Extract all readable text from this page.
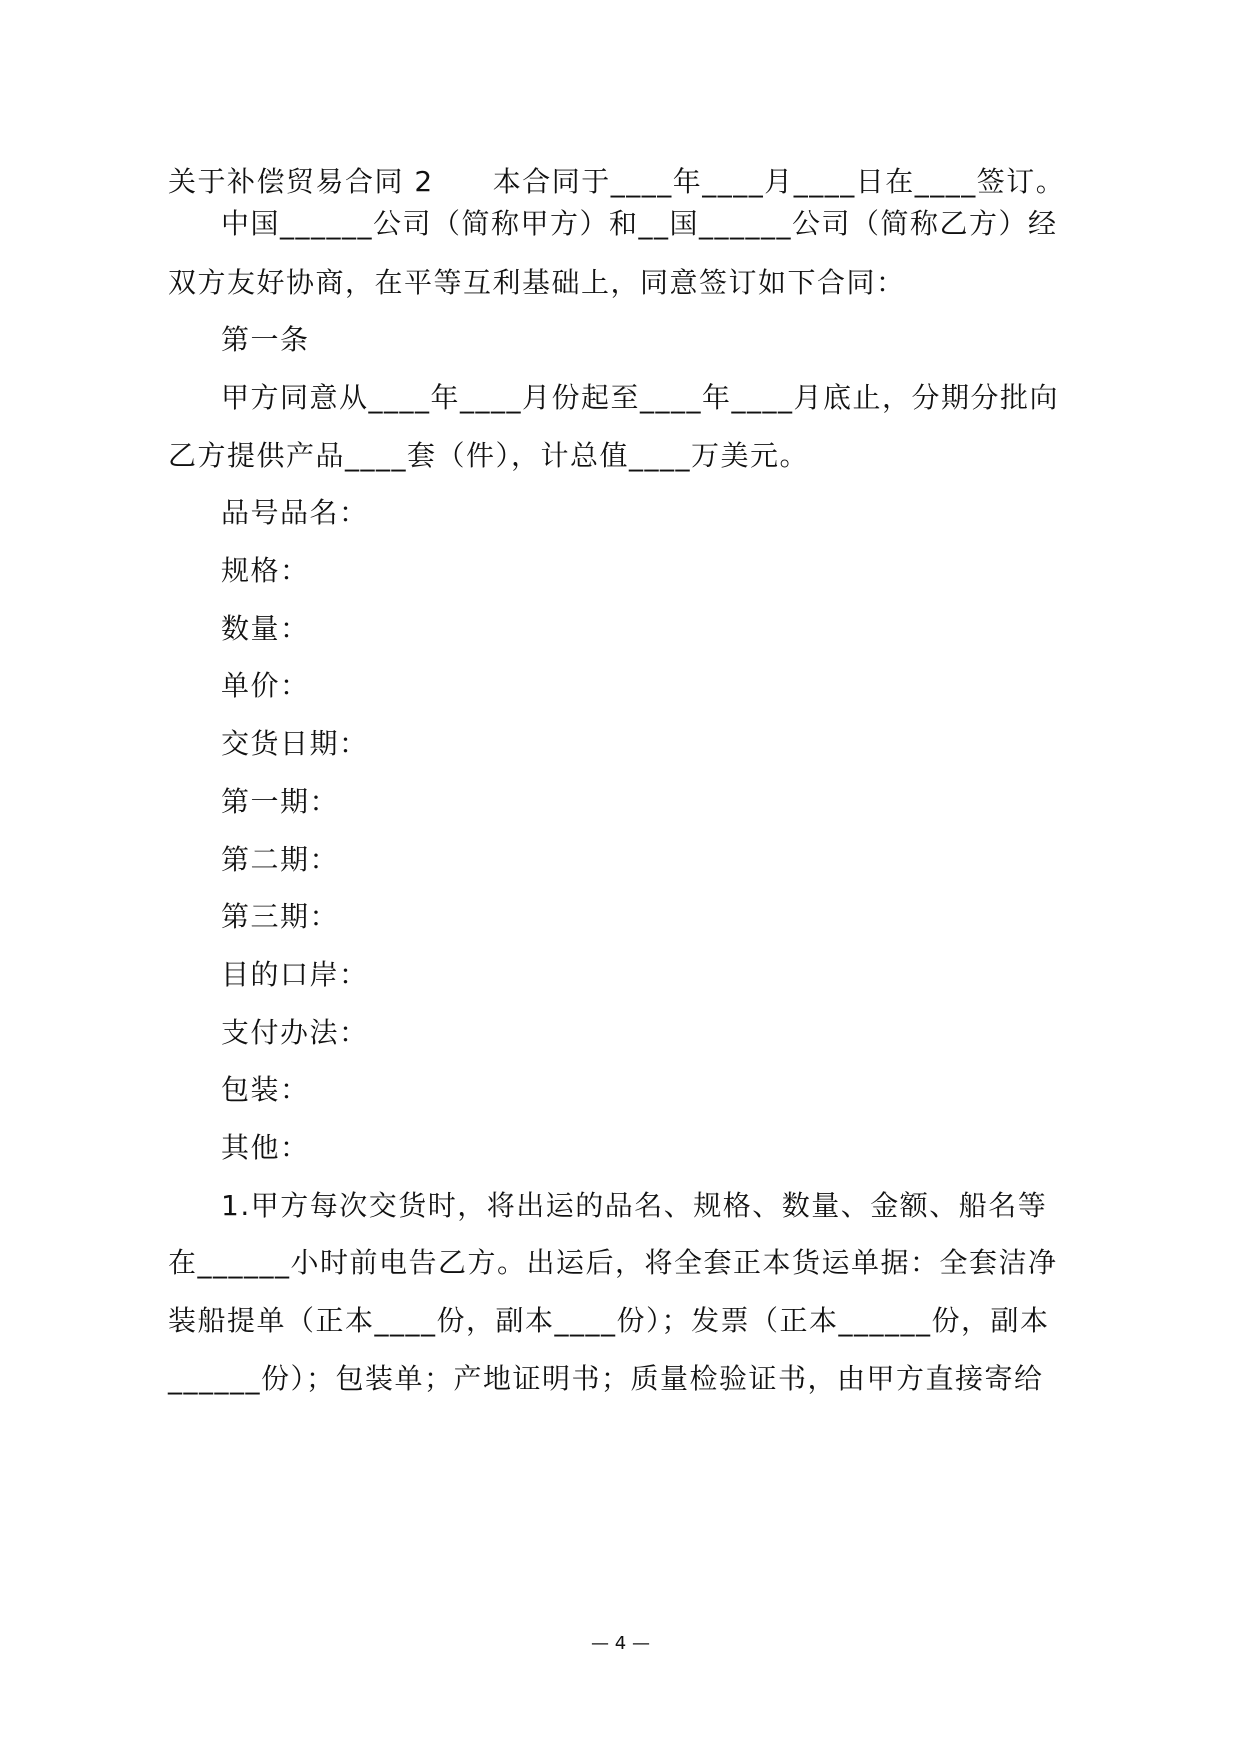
关于补偿贸易合同 2　　本合同于____年____月____日在____签订。
中国______公司（简称甲方）和__国______公司（简称乙方）经
双方友好协商，在平等互利基础上，同意签订如下合同：
第一条
甲方同意从____年____月份起至____年____月底止，分期分批向
乙方提供产品____套（件），计总值____万美元。
品号品名：
规格：
数量：
单价：
交货日期：
第一期：
第二期：
第三期：
目的口岸：
支付办法：
包装：
其他：
1.甲方每次交货时，将出运的品名、规格、数量、金额、船名等
在______小时前电告乙方。出运后，将全套正本货运单据：全套洁净
装船提单（正本____份，副本____份）；发票（正本______份，副本
______份）；包装单；产地证明书；质量检验证书，由甲方直接寄给
— 4 —
